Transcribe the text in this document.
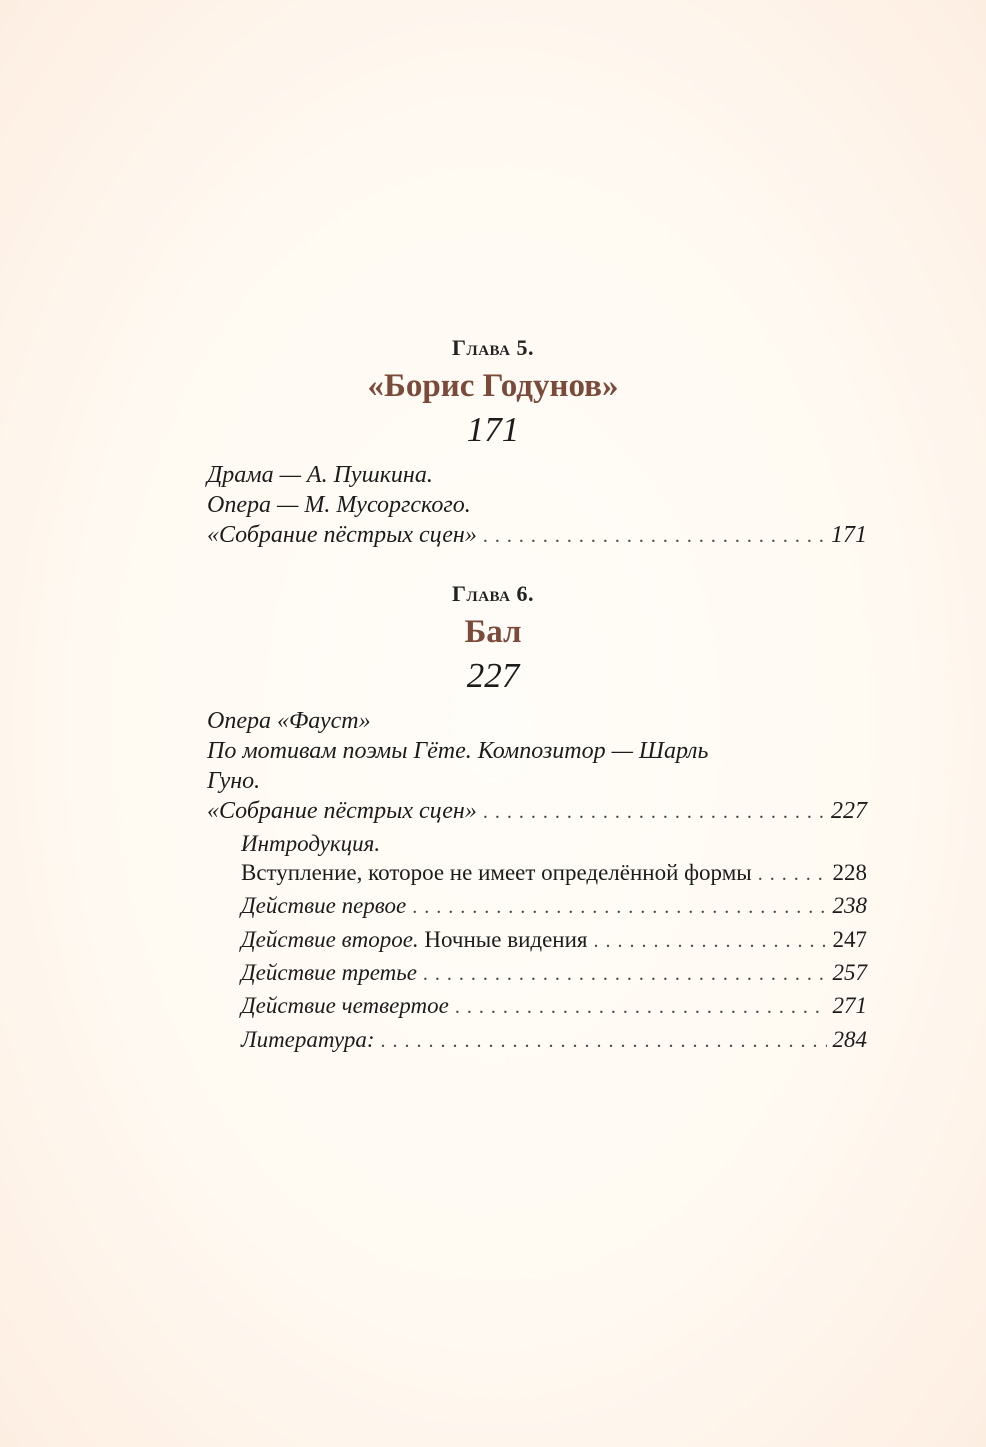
Глава 5.
«Борис Годунов»
171
Драма — А. Пушкина.
Опера — М. Мусоргского.
«Собрание пёстрых сцен» . . .	171
Глава 6.
Бал
227
Опера «Фауст»
По мотивам поэмы Гёте. Композитор — Шарль
Гуно.
«Собрание пёстрых сцен» . . .	227
Интродукция.
Вступление, которое не имеет определённой формы . . .	228
Действие первое . . .	238
Действие второе. Ночные видения . . .	247
Действие третье . . .	257
Действие четвертое . . .	271
Литература: . . .	284
